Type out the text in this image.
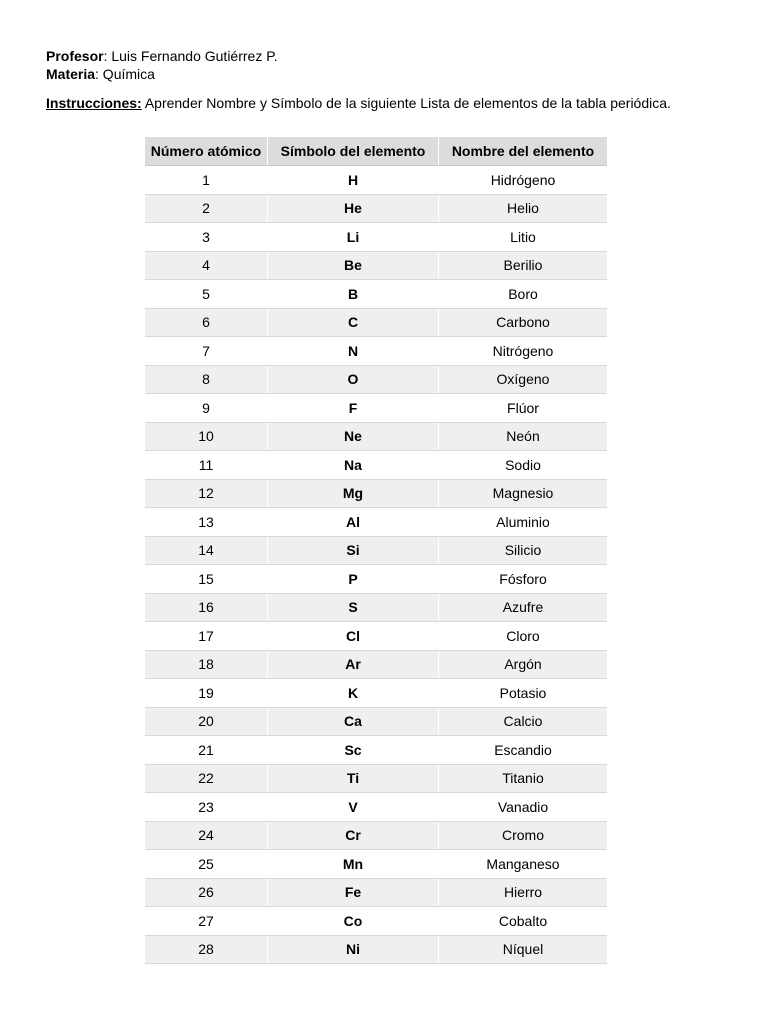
Profesor: Luis Fernando Gutiérrez P.
Materia: Química
Instrucciones: Aprender Nombre y Símbolo de la siguiente Lista de elementos de la tabla periódica.
Número atómico	Símbolo del elemento	Nombre del elemento
1	H	Hidrógeno
2	He	Helio
3	Li	Litio
4	Be	Berilio
5	B	Boro
6	C	Carbono
7	N	Nitrógeno
8	O	Oxígeno
9	F	Flúor
10	Ne	Neón
11	Na	Sodio
12	Mg	Magnesio
13	Al	Aluminio
14	Si	Silicio
15	P	Fósforo
16	S	Azufre
17	Cl	Cloro
18	Ar	Argón
19	K	Potasio
20	Ca	Calcio
21	Sc	Escandio
22	Ti	Titanio
23	V	Vanadio
24	Cr	Cromo
25	Mn	Manganeso
26	Fe	Hierro
27	Co	Cobalto
28	Ni	Níquel
